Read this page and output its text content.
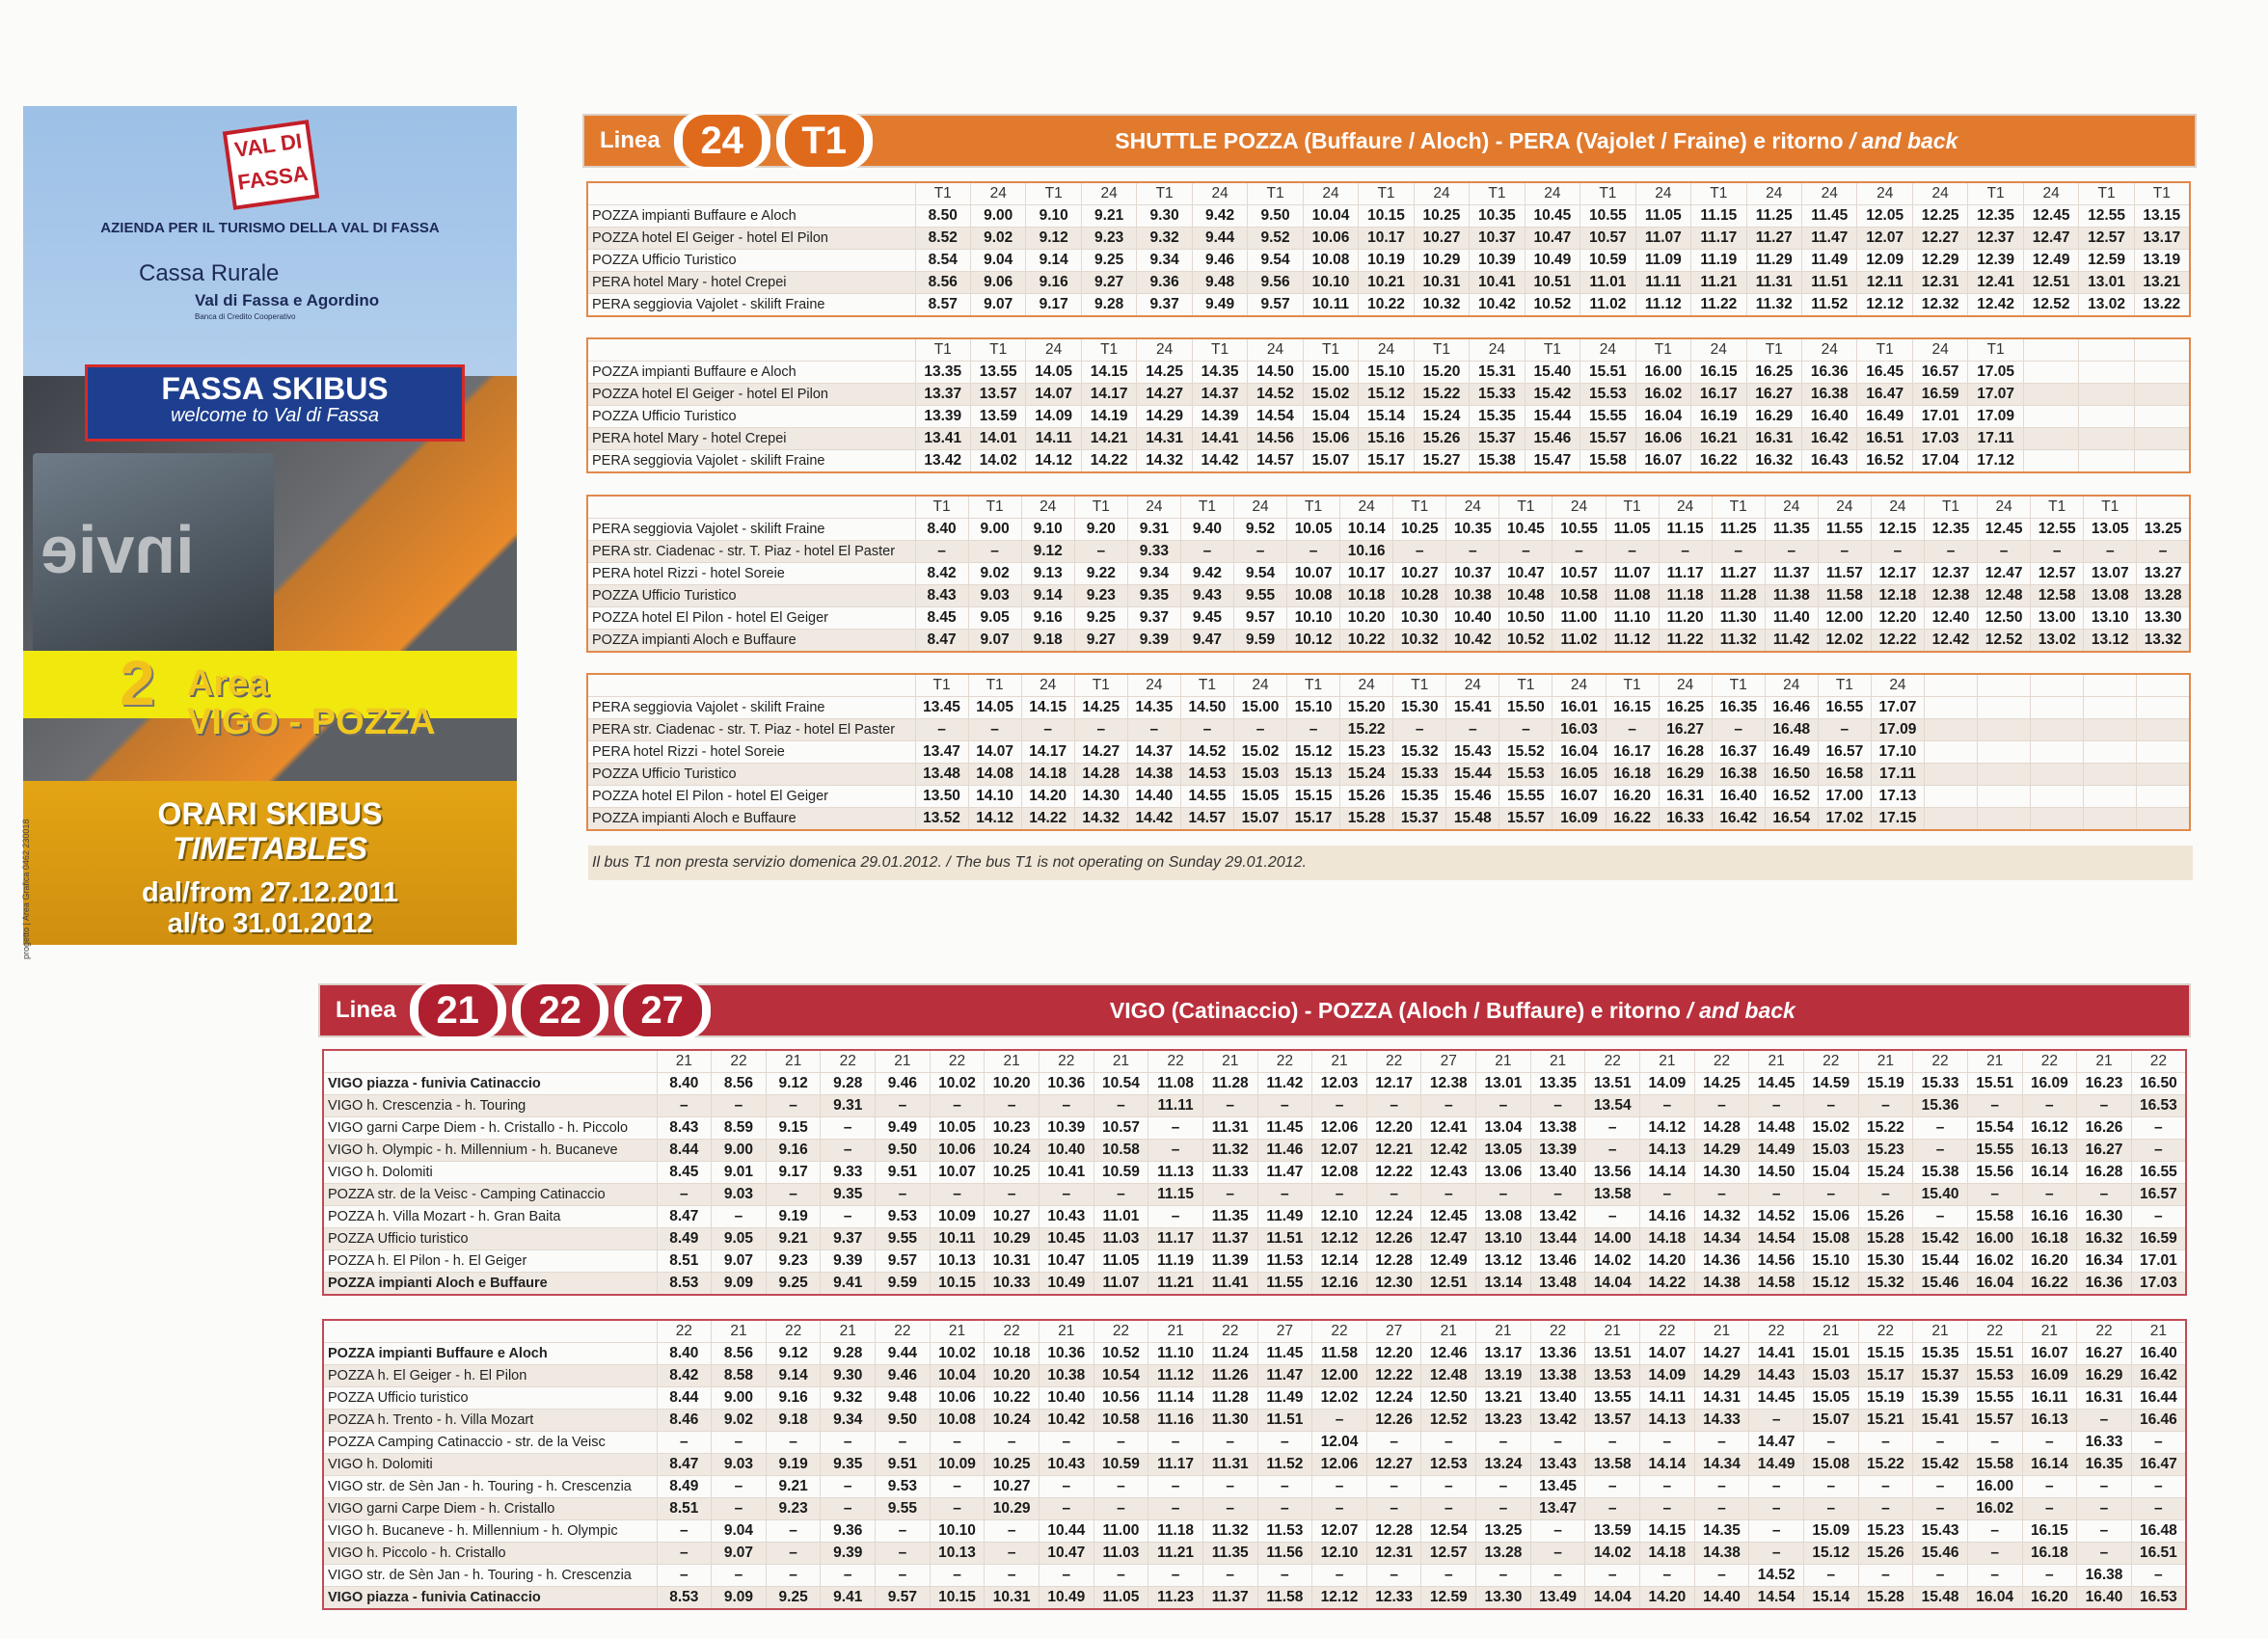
invie
VAL DI FASSA
AZIENDA PER IL TURISMO DELLA VAL DI FASSA
Cassa Rurale
Val di Fassa e Agordino
Banca di Credito Cooperativo
FASSA SKIBUS
welcome to Val di Fassa
2 Area
VIGO - POZZA
ORARI SKIBUS
TIMETABLES
dal/from 27.12.2011
al/to 31.01.2012
progetto | Area Grafica 0462 230018
Linea	24	T1	SHUTTLE POZZA (Buffaure / Aloch) - PERA (Vajolet / Fraine) e ritorno / and back
	T1	24	T1	24	T1	24	T1	24	T1	24	T1	24	T1	24	T1	24	24	24	24	T1	24	T1	T1
POZZA impianti Buffaure e Aloch	8.50	9.00	9.10	9.21	9.30	9.42	9.50	10.04	10.15	10.25	10.35	10.45	10.55	11.05	11.15	11.25	11.45	12.05	12.25	12.35	12.45	12.55	13.15
POZZA hotel El Geiger - hotel El Pilon	8.52	9.02	9.12	9.23	9.32	9.44	9.52	10.06	10.17	10.27	10.37	10.47	10.57	11.07	11.17	11.27	11.47	12.07	12.27	12.37	12.47	12.57	13.17
POZZA Ufficio Turistico	8.54	9.04	9.14	9.25	9.34	9.46	9.54	10.08	10.19	10.29	10.39	10.49	10.59	11.09	11.19	11.29	11.49	12.09	12.29	12.39	12.49	12.59	13.19
PERA hotel Mary - hotel Crepei	8.56	9.06	9.16	9.27	9.36	9.48	9.56	10.10	10.21	10.31	10.41	10.51	11.01	11.11	11.21	11.31	11.51	12.11	12.31	12.41	12.51	13.01	13.21
PERA seggiovia Vajolet - skilift Fraine	8.57	9.07	9.17	9.28	9.37	9.49	9.57	10.11	10.22	10.32	10.42	10.52	11.02	11.12	11.22	11.32	11.52	12.12	12.32	12.42	12.52	13.02	13.22
	T1	T1	24	T1	24	T1	24	T1	24	T1	24	T1	24	T1	24	T1	24	T1	24	T1			
POZZA impianti Buffaure e Aloch	13.35	13.55	14.05	14.15	14.25	14.35	14.50	15.00	15.10	15.20	15.31	15.40	15.51	16.00	16.15	16.25	16.36	16.45	16.57	17.05			
POZZA hotel El Geiger - hotel El Pilon	13.37	13.57	14.07	14.17	14.27	14.37	14.52	15.02	15.12	15.22	15.33	15.42	15.53	16.02	16.17	16.27	16.38	16.47	16.59	17.07			
POZZA Ufficio Turistico	13.39	13.59	14.09	14.19	14.29	14.39	14.54	15.04	15.14	15.24	15.35	15.44	15.55	16.04	16.19	16.29	16.40	16.49	17.01	17.09			
PERA hotel Mary - hotel Crepei	13.41	14.01	14.11	14.21	14.31	14.41	14.56	15.06	15.16	15.26	15.37	15.46	15.57	16.06	16.21	16.31	16.42	16.51	17.03	17.11			
PERA seggiovia Vajolet - skilift Fraine	13.42	14.02	14.12	14.22	14.32	14.42	14.57	15.07	15.17	15.27	15.38	15.47	15.58	16.07	16.22	16.32	16.43	16.52	17.04	17.12			
	T1	T1	24	T1	24	T1	24	T1	24	T1	24	T1	24	T1	24	T1	24	24	24	T1	24	T1	T1	
PERA seggiovia Vajolet - skilift Fraine	8.40	9.00	9.10	9.20	9.31	9.40	9.52	10.05	10.14	10.25	10.35	10.45	10.55	11.05	11.15	11.25	11.35	11.55	12.15	12.35	12.45	12.55	13.05	13.25
PERA str. Ciadenac - str. T. Piaz - hotel El Paster	–	–	9.12	–	9.33	–	–	–	10.16	–	–	–	–	–	–	–	–	–	–	–	–	–	–	–
PERA hotel Rizzi - hotel Soreie	8.42	9.02	9.13	9.22	9.34	9.42	9.54	10.07	10.17	10.27	10.37	10.47	10.57	11.07	11.17	11.27	11.37	11.57	12.17	12.37	12.47	12.57	13.07	13.27
POZZA Ufficio Turistico	8.43	9.03	9.14	9.23	9.35	9.43	9.55	10.08	10.18	10.28	10.38	10.48	10.58	11.08	11.18	11.28	11.38	11.58	12.18	12.38	12.48	12.58	13.08	13.28
POZZA hotel El Pilon - hotel El Geiger	8.45	9.05	9.16	9.25	9.37	9.45	9.57	10.10	10.20	10.30	10.40	10.50	11.00	11.10	11.20	11.30	11.40	12.00	12.20	12.40	12.50	13.00	13.10	13.30
POZZA impianti Aloch e Buffaure	8.47	9.07	9.18	9.27	9.39	9.47	9.59	10.12	10.22	10.32	10.42	10.52	11.02	11.12	11.22	11.32	11.42	12.02	12.22	12.42	12.52	13.02	13.12	13.32
	T1	T1	24	T1	24	T1	24	T1	24	T1	24	T1	24	T1	24	T1	24	T1	24					
PERA seggiovia Vajolet - skilift Fraine	13.45	14.05	14.15	14.25	14.35	14.50	15.00	15.10	15.20	15.30	15.41	15.50	16.01	16.15	16.25	16.35	16.46	16.55	17.07					
PERA str. Ciadenac - str. T. Piaz - hotel El Paster	–	–	–	–	–	–	–	–	15.22	–	–	–	16.03	–	16.27	–	16.48	–	17.09					
PERA hotel Rizzi - hotel Soreie	13.47	14.07	14.17	14.27	14.37	14.52	15.02	15.12	15.23	15.32	15.43	15.52	16.04	16.17	16.28	16.37	16.49	16.57	17.10					
POZZA Ufficio Turistico	13.48	14.08	14.18	14.28	14.38	14.53	15.03	15.13	15.24	15.33	15.44	15.53	16.05	16.18	16.29	16.38	16.50	16.58	17.11					
POZZA hotel El Pilon - hotel El Geiger	13.50	14.10	14.20	14.30	14.40	14.55	15.05	15.15	15.26	15.35	15.46	15.55	16.07	16.20	16.31	16.40	16.52	17.00	17.13					
POZZA impianti Aloch e Buffaure	13.52	14.12	14.22	14.32	14.42	14.57	15.07	15.17	15.28	15.37	15.48	15.57	16.09	16.22	16.33	16.42	16.54	17.02	17.15					
Il bus T1 non presta servizio domenica 29.01.2012. / The bus T1 is not operating on Sunday 29.01.2012.
Linea	21	22	27	VIGO (Catinaccio) - POZZA (Aloch / Buffaure) e ritorno / and back
	21	22	21	22	21	22	21	22	21	22	21	22	21	22	27	21	21	22	21	22	21	22	21	22	21	22	21	22
VIGO piazza - funivia Catinaccio	8.40	8.56	9.12	9.28	9.46	10.02	10.20	10.36	10.54	11.08	11.28	11.42	12.03	12.17	12.38	13.01	13.35	13.51	14.09	14.25	14.45	14.59	15.19	15.33	15.51	16.09	16.23	16.50
VIGO h. Crescenzia - h. Touring	–	–	–	9.31	–	–	–	–	–	11.11	–	–	–	–	–	–	–	13.54	–	–	–	–	–	15.36	–	–	–	16.53
VIGO garni Carpe Diem - h. Cristallo - h. Piccolo	8.43	8.59	9.15	–	9.49	10.05	10.23	10.39	10.57	–	11.31	11.45	12.06	12.20	12.41	13.04	13.38	–	14.12	14.28	14.48	15.02	15.22	–	15.54	16.12	16.26	–
VIGO h. Olympic - h. Millennium - h. Bucaneve	8.44	9.00	9.16	–	9.50	10.06	10.24	10.40	10.58	–	11.32	11.46	12.07	12.21	12.42	13.05	13.39	–	14.13	14.29	14.49	15.03	15.23	–	15.55	16.13	16.27	–
VIGO h. Dolomiti	8.45	9.01	9.17	9.33	9.51	10.07	10.25	10.41	10.59	11.13	11.33	11.47	12.08	12.22	12.43	13.06	13.40	13.56	14.14	14.30	14.50	15.04	15.24	15.38	15.56	16.14	16.28	16.55
POZZA str. de la Veisc - Camping Catinaccio	–	9.03	–	9.35	–	–	–	–	–	11.15	–	–	–	–	–	–	–	13.58	–	–	–	–	–	15.40	–	–	–	16.57
POZZA h. Villa Mozart - h. Gran Baita	8.47	–	9.19	–	9.53	10.09	10.27	10.43	11.01	–	11.35	11.49	12.10	12.24	12.45	13.08	13.42	–	14.16	14.32	14.52	15.06	15.26	–	15.58	16.16	16.30	–
POZZA Ufficio turistico	8.49	9.05	9.21	9.37	9.55	10.11	10.29	10.45	11.03	11.17	11.37	11.51	12.12	12.26	12.47	13.10	13.44	14.00	14.18	14.34	14.54	15.08	15.28	15.42	16.00	16.18	16.32	16.59
POZZA h. El Pilon - h. El Geiger	8.51	9.07	9.23	9.39	9.57	10.13	10.31	10.47	11.05	11.19	11.39	11.53	12.14	12.28	12.49	13.12	13.46	14.02	14.20	14.36	14.56	15.10	15.30	15.44	16.02	16.20	16.34	17.01
POZZA impianti Aloch e Buffaure	8.53	9.09	9.25	9.41	9.59	10.15	10.33	10.49	11.07	11.21	11.41	11.55	12.16	12.30	12.51	13.14	13.48	14.04	14.22	14.38	14.58	15.12	15.32	15.46	16.04	16.22	16.36	17.03
	22	21	22	21	22	21	22	21	22	21	22	27	22	27	21	21	22	21	22	21	22	21	22	21	22	21	22	21
POZZA impianti Buffaure e Aloch	8.40	8.56	9.12	9.28	9.44	10.02	10.18	10.36	10.52	11.10	11.24	11.45	11.58	12.20	12.46	13.17	13.36	13.51	14.07	14.27	14.41	15.01	15.15	15.35	15.51	16.07	16.27	16.40
POZZA h. El Geiger - h. El Pilon	8.42	8.58	9.14	9.30	9.46	10.04	10.20	10.38	10.54	11.12	11.26	11.47	12.00	12.22	12.48	13.19	13.38	13.53	14.09	14.29	14.43	15.03	15.17	15.37	15.53	16.09	16.29	16.42
POZZA Ufficio turistico	8.44	9.00	9.16	9.32	9.48	10.06	10.22	10.40	10.56	11.14	11.28	11.49	12.02	12.24	12.50	13.21	13.40	13.55	14.11	14.31	14.45	15.05	15.19	15.39	15.55	16.11	16.31	16.44
POZZA h. Trento - h. Villa Mozart	8.46	9.02	9.18	9.34	9.50	10.08	10.24	10.42	10.58	11.16	11.30	11.51	–	12.26	12.52	13.23	13.42	13.57	14.13	14.33	–	15.07	15.21	15.41	15.57	16.13	–	16.46
POZZA Camping Catinaccio - str. de la Veisc	–	–	–	–	–	–	–	–	–	–	–	–	12.04	–	–	–	–	–	–	–	14.47	–	–	–	–	–	16.33	–
VIGO h. Dolomiti	8.47	9.03	9.19	9.35	9.51	10.09	10.25	10.43	10.59	11.17	11.31	11.52	12.06	12.27	12.53	13.24	13.43	13.58	14.14	14.34	14.49	15.08	15.22	15.42	15.58	16.14	16.35	16.47
VIGO str. de Sèn Jan - h. Touring - h. Crescenzia	8.49	–	9.21	–	9.53	–	10.27	–	–	–	–	–	–	–	–	–	13.45	–	–	–	–	–	–	–	16.00	–	–	–
VIGO garni Carpe Diem - h. Cristallo	8.51	–	9.23	–	9.55	–	10.29	–	–	–	–	–	–	–	–	–	13.47	–	–	–	–	–	–	–	16.02	–	–	–
VIGO h. Bucaneve - h. Millennium - h. Olympic	–	9.04	–	9.36	–	10.10	–	10.44	11.00	11.18	11.32	11.53	12.07	12.28	12.54	13.25	–	13.59	14.15	14.35	–	15.09	15.23	15.43	–	16.15	–	16.48
VIGO h. Piccolo - h. Cristallo	–	9.07	–	9.39	–	10.13	–	10.47	11.03	11.21	11.35	11.56	12.10	12.31	12.57	13.28	–	14.02	14.18	14.38	–	15.12	15.26	15.46	–	16.18	–	16.51
VIGO str. de Sèn Jan - h. Touring - h. Crescenzia	–	–	–	–	–	–	–	–	–	–	–	–	–	–	–	–	–	–	–	–	14.52	–	–	–	–	–	16.38	–
VIGO piazza - funivia Catinaccio	8.53	9.09	9.25	9.41	9.57	10.15	10.31	10.49	11.05	11.23	11.37	11.58	12.12	12.33	12.59	13.30	13.49	14.04	14.20	14.40	14.54	15.14	15.28	15.48	16.04	16.20	16.40	16.53
